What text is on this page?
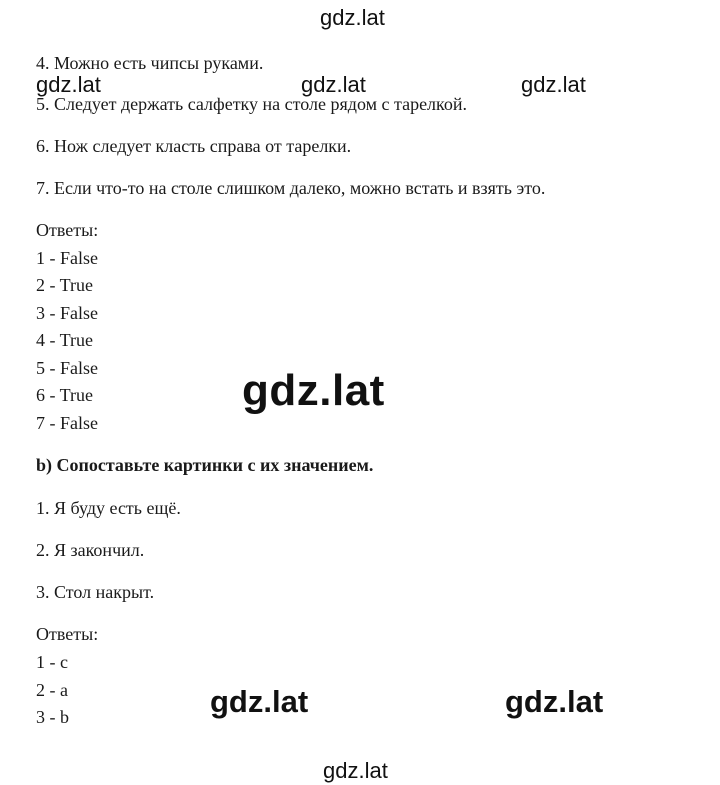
gdz.lat
gdz.lat	gdz.lat	gdz.lat
gdz.lat
gdz.lat	gdz.lat
gdz.lat
4. Можно есть чипсы руками.
5. Следует держать салфетку на столе рядом с тарелкой.
6. Нож следует класть справа от тарелки.
7. Если что-то на столе слишком далеко, можно встать и взять это.
Ответы:
1 - False
2 - True
3 - False
4 - True
5 - False
6 - True
7 - False
b) Сопоставьте картинки с их значением.
1. Я буду есть ещё.
2. Я закончил.
3. Стол накрыт.
Ответы:
1 - c
2 - a
3 - b
